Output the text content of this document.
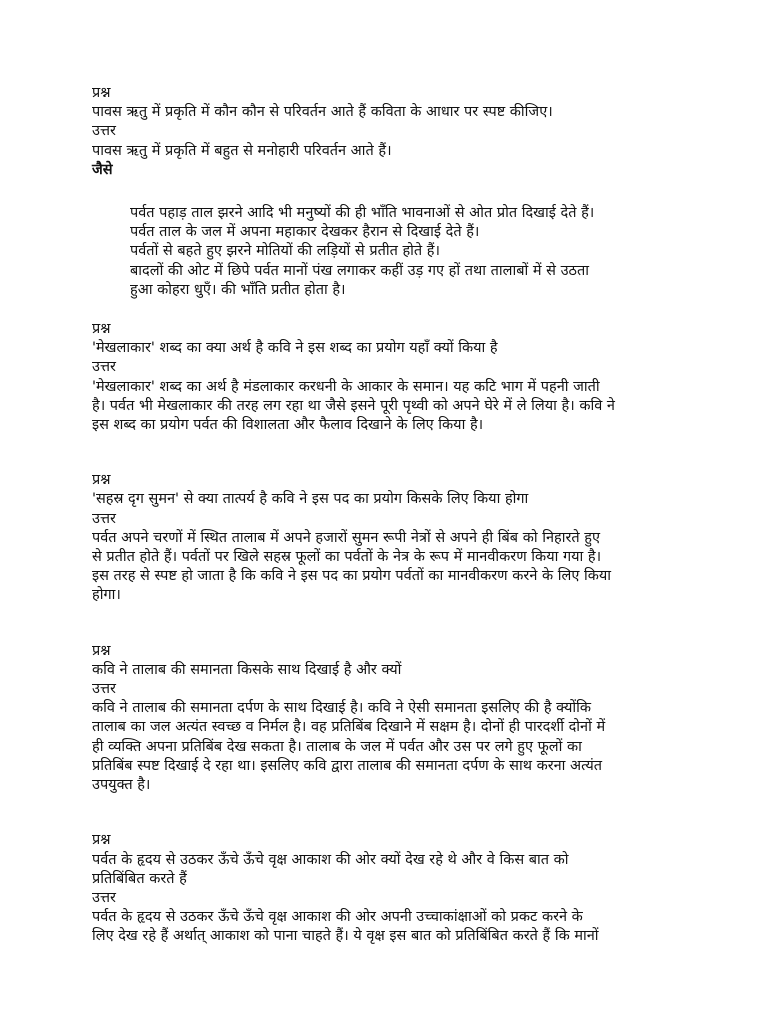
प्रश्न
पावस ऋतु में प्रकृति में कौन कौन से परिवर्तन आते हैं कविता के आधार पर स्पष्ट कीजिए।
उत्तर
पावस ऋतु में प्रकृति में बहुत से मनोहारी परिवर्तन आते हैं।
जैसे
पर्वत पहाड़ ताल झरने आदि भी मनुष्यों की ही भाँति भावनाओं से ओत प्रोत दिखाई देते हैं।
पर्वत ताल के जल में अपना महाकार देखकर हैरान से दिखाई देते हैं।
पर्वतों से बहते हुए झरने मोतियों की लड़ियों से प्रतीत होते हैं।
बादलों की ओट में छिपे पर्वत मानों पंख लगाकर कहीं उड़ गए हों तथा तालाबों में से उठता
हुआ कोहरा धुएँ। की भाँति प्रतीत होता है।
प्रश्न
'मेखलाकार' शब्द का क्या अर्थ है कवि ने इस शब्द का प्रयोग यहाँ क्यों किया है
उत्तर
'मेखलाकार' शब्द का अर्थ है मंडलाकार करधनी के आकार के समान। यह कटि भाग में पहनी जाती
है। पर्वत भी मेखलाकार की तरह लग रहा था जैसे इसने पूरी पृथ्वी को अपने घेरे में ले लिया है। कवि ने
इस शब्द का प्रयोग पर्वत की विशालता और फैलाव दिखाने के लिए किया है।
प्रश्न
'सहस्र दृग सुमन' से क्या तात्पर्य है कवि ने इस पद का प्रयोग किसके लिए किया होगा
उत्तर
पर्वत अपने चरणों में स्थित तालाब में अपने हजारों सुमन रूपी नेत्रों से अपने ही बिंब को निहारते हुए
से प्रतीत होते हैं। पर्वतों पर खिले सहस्र फूलों का पर्वतों के नेत्र के रूप में मानवीकरण किया गया है।
इस तरह से स्पष्ट हो जाता है कि कवि ने इस पद का प्रयोग पर्वतों का मानवीकरण करने के लिए किया
होगा।
प्रश्न
कवि ने तालाब की समानता किसके साथ दिखाई है और क्यों
उत्तर
कवि ने तालाब की समानता दर्पण के साथ दिखाई है। कवि ने ऐसी समानता इसलिए की है क्योंकि
तालाब का जल अत्यंत स्वच्छ व निर्मल है। वह प्रतिबिंब दिखाने में सक्षम है। दोनों ही पारदर्शी दोनों में
ही व्यक्ति अपना प्रतिबिंब देख सकता है। तालाब के जल में पर्वत और उस पर लगे हुए फूलों का
प्रतिबिंब स्पष्ट दिखाई दे रहा था। इसलिए कवि द्वारा तालाब की समानता दर्पण के साथ करना अत्यंत
उपयुक्त है।
प्रश्न
पर्वत के हृदय से उठकर ऊँचे ऊँचे वृक्ष आकाश की ओर क्यों देख रहे थे और वे किस बात को
प्रतिबिंबित करते हैं
उत्तर
पर्वत के हृदय से उठकर ऊँचे ऊँचे वृक्ष आकाश की ओर अपनी उच्चाकांक्षाओं को प्रकट करने के
लिए देख रहे हैं अर्थात् आकाश को पाना चाहते हैं। ये वृक्ष इस बात को प्रतिबिंबित करते हैं कि मानों
